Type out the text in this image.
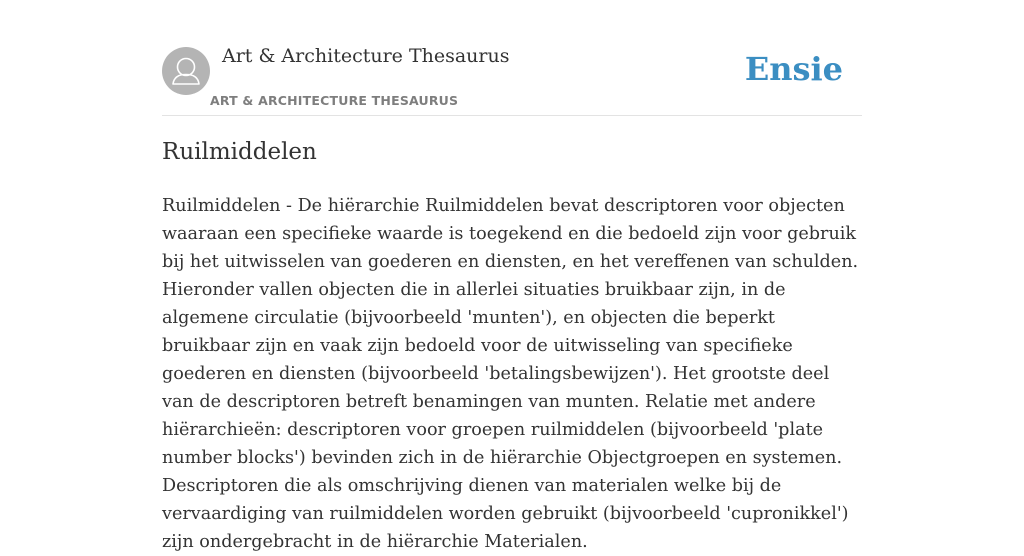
Art & Architecture Thesaurus
ART & ARCHITECTURE THESAURUS
Ensie
Ruilmiddelen

Ruilmiddelen - De hiërarchie Ruilmiddelen bevat descriptoren voor objecten waaraan een specifieke waarde is toegekend en die bedoeld zijn voor gebruik bij het uitwisselen van goederen en diensten, en het vereffenen van schulden. Hieronder vallen objecten die in allerlei situaties bruikbaar zijn, in de algemene circulatie (bijvoorbeeld 'munten'), en objecten die beperkt bruikbaar zijn en vaak zijn bedoeld voor de uitwisseling van specifieke goederen en diensten (bijvoorbeeld 'betalingsbewijzen'). Het grootste deel van de descriptoren betreft benamingen van munten. Relatie met andere hiërarchieën: descriptoren voor groepen ruilmiddelen (bijvoorbeeld 'plate number blocks') bevinden zich in de hiërarchie Objectgroepen en systemen. Descriptoren die als omschrijving dienen van materialen welke bij de vervaardiging van ruilmiddelen worden gebruikt (bijvoorbeeld 'cupronikkel') zijn ondergebracht in de hiërarchie Materialen.
